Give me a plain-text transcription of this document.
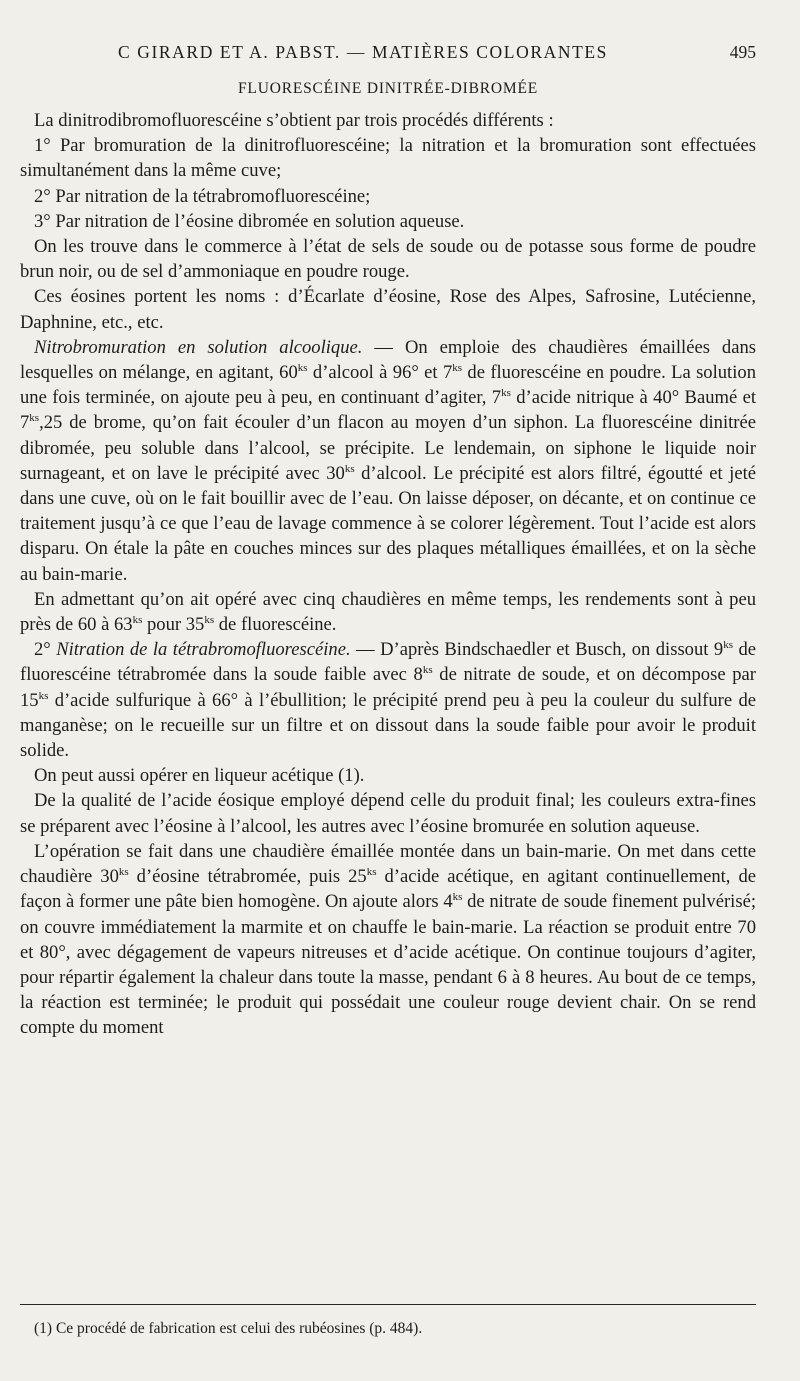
C GIRARD ET A. PABST. — MATIÈRES COLORANTES	495
FLUORESCÉINE DINITRÉE-DIBROMÉE

La dinitrodibromofluorescéine s’obtient par trois procédés différents :

1° Par bromuration de la dinitrofluorescéine; la nitration et la bromuration sont effectuées simultanément dans la même cuve;

2° Par nitration de la tétrabromofluorescéine;

3° Par nitration de l’éosine dibromée en solution aqueuse.

On les trouve dans le commerce à l’état de sels de soude ou de potasse sous forme de poudre brun noir, ou de sel d’ammoniaque en poudre rouge.

Ces éosines portent les noms : d’Écarlate d’éosine, Rose des Alpes, Safrosine, Lutécienne, Daphnine, etc., etc.

Nitrobromuration en solution alcoolique. — On emploie des chaudières émaillées dans lesquelles on mélange, en agitant, $60^{ks}$ d’alcool à 96° et $7^{ks}$ de fluorescéine en poudre. La solution une fois terminée, on ajoute peu à peu, en continuant d’agiter, $7^{ks}$ d’acide nitrique à 40° Baumé et $7^{ks},25$ de brome, qu’on fait écouler d’un flacon au moyen d’un siphon. La fluorescéine dinitrée dibromée, peu soluble dans l’alcool, se précipite. Le lendemain, on siphone le liquide noir surnageant, et on lave le précipité avec $30^{ks}$ d’alcool. Le précipité est alors filtré, égoutté et jeté dans une cuve, où on le fait bouillir avec de l’eau. On laisse déposer, on décante, et on continue ce traitement jusqu’à ce que l’eau de lavage commence à se colorer légèrement. Tout l’acide est alors disparu. On étale la pâte en couches minces sur des plaques métalliques émaillées, et on la sèche au bain-marie.

En admettant qu’on ait opéré avec cinq chaudières en même temps, les rendements sont à peu près de 60 à $63^{ks}$ pour $35^{ks}$ de fluorescéine.

2° Nitration de la tétrabromofluorescéine. — D’après Bindschaedler et Busch, on dissout $9^{ks}$ de fluorescéine tétrabromée dans la soude faible avec $8^{ks}$ de nitrate de soude, et on décompose par $15^{ks}$ d’acide sulfurique à 66° à l’ébullition; le précipité prend peu à peu la couleur du sulfure de manganèse; on le recueille sur un filtre et on dissout dans la soude faible pour avoir le produit solide.

On peut aussi opérer en liqueur acétique (1).

De la qualité de l’acide éosique employé dépend celle du produit final; les couleurs extra-fines se préparent avec l’éosine à l’alcool, les autres avec l’éosine bromurée en solution aqueuse.

L’opération se fait dans une chaudière émaillée montée dans un bain-marie. On met dans cette chaudière $30^{ks}$ d’éosine tétrabromée, puis $25^{ks}$ d’acide acétique, en agitant continuellement, de façon à former une pâte bien homogène. On ajoute alors $4^{ks}$ de nitrate de soude finement pulvérisé; on couvre immédiatement la marmite et on chauffe le bain-marie. La réaction se produit entre 70 et 80°, avec dégagement de vapeurs nitreuses et d’acide acétique. On continue toujours d’agiter, pour répartir également la chaleur dans toute la masse, pendant 6 à 8 heures. Au bout de ce temps, la réaction est terminée; le produit qui possédait une couleur rouge devient chair. On se rend compte du moment

(1) Ce procédé de fabrication est celui des rubéosines (p. 484).
